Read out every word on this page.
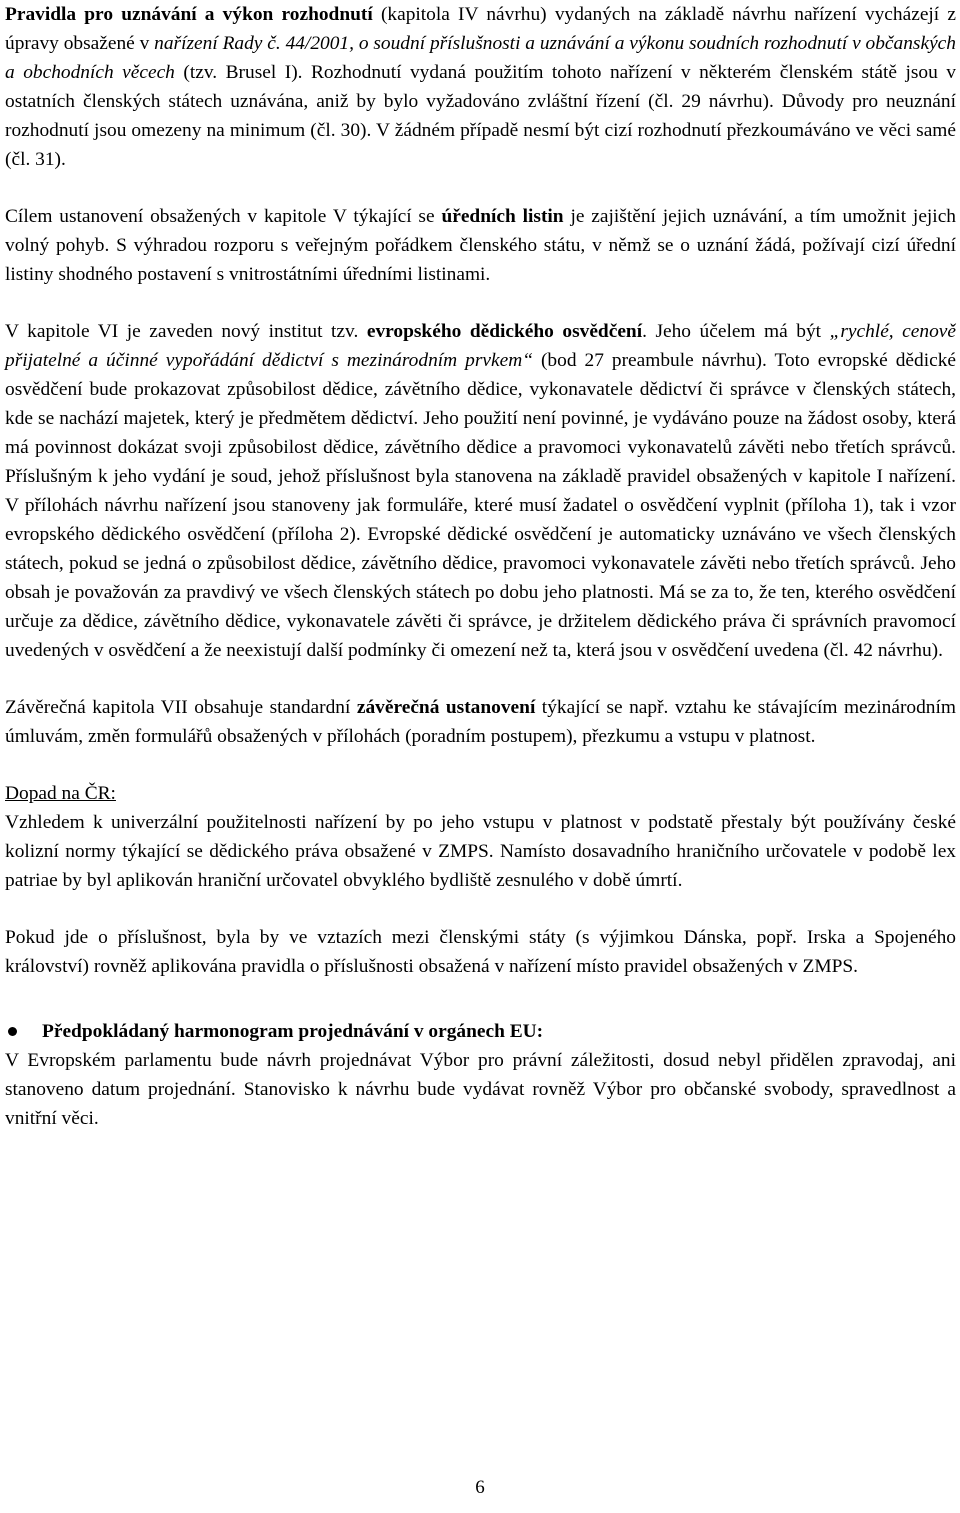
Pravidla pro uznávání a výkon rozhodnutí (kapitola IV návrhu) vydaných na základě návrhu nařízení vycházejí z úpravy obsažené v nařízení Rady č. 44/2001, o soudní příslušnosti a uznávání a výkonu soudních rozhodnutí v občanských a obchodních věcech (tzv. Brusel I). Rozhodnutí vydaná použitím tohoto nařízení v některém členském státě jsou v ostatních členských státech uznávána, aniž by bylo vyžadováno zvláštní řízení (čl. 29 návrhu). Důvody pro neuznání rozhodnutí jsou omezeny na minimum (čl. 30). V žádném případě nesmí být cizí rozhodnutí přezkoumáváno ve věci samé (čl. 31).

Cílem ustanovení obsažených v kapitole V týkající se úředních listin je zajištění jejich uznávání, a tím umožnit jejich volný pohyb. S výhradou rozporu s veřejným pořádkem členského státu, v němž se o uznání žádá, požívají cizí úřední listiny shodného postavení s vnitrostátními úředními listinami.

V kapitole VI je zaveden nový institut tzv. evropského dědického osvědčení. Jeho účelem má být „rychlé, cenově přijatelné a účinné vypořádání dědictví s mezinárodním prvkem“ (bod 27 preambule návrhu). Toto evropské dědické osvědčení bude prokazovat způsobilost dědice, závětního dědice, vykonavatele dědictví či správce v členských státech, kde se nachází majetek, který je předmětem dědictví. Jeho použití není povinné, je vydáváno pouze na žádost osoby, která má povinnost dokázat svoji způsobilost dědice, závětního dědice a pravomoci vykonavatelů závěti nebo třetích správců. Příslušným k jeho vydání je soud, jehož příslušnost byla stanovena na základě pravidel obsažených v kapitole I nařízení. V přílohách návrhu nařízení jsou stanoveny jak formuláře, které musí žadatel o osvědčení vyplnit (příloha 1), tak i vzor evropského dědického osvědčení (příloha 2). Evropské dědické osvědčení je automaticky uznáváno ve všech členských státech, pokud se jedná o způsobilost dědice, závětního dědice, pravomoci vykonavatele závěti nebo třetích správců. Jeho obsah je považován za pravdivý ve všech členských státech po dobu jeho platnosti. Má se za to, že ten, kterého osvědčení určuje za dědice, závětního dědice, vykonavatele závěti či správce, je držitelem dědického práva či správních pravomocí uvedených v osvědčení a že neexistují další podmínky či omezení než ta, která jsou v osvědčení uvedena (čl. 42 návrhu).

Závěrečná kapitola VII obsahuje standardní závěrečná ustanovení týkající se např. vztahu ke stávajícím mezinárodním úmluvám, změn formulářů obsažených v přílohách (poradním postupem), přezkumu a vstupu v platnost.

Dopad na ČR:

Vzhledem k univerzální použitelnosti nařízení by po jeho vstupu v platnost v podstatě přestaly být používány české kolizní normy týkající se dědického práva obsažené v ZMPS. Namísto dosavadního hraničního určovatele v podobě lex patriae by byl aplikován hraniční určovatel obvyklého bydliště zesnulého v době úmrtí.

Pokud jde o příslušnost, byla by ve vztazích mezi členskými státy (s výjimkou Dánska, popř. Irska a Spojeného království) rovněž aplikována pravidla o příslušnosti obsažená v nařízení místo pravidel obsažených v ZMPS.

Předpokládaný harmonogram projednávání v orgánech EU:

V Evropském parlamentu bude návrh projednávat Výbor pro právní záležitosti, dosud nebyl přidělen zpravodaj, ani stanoveno datum projednání. Stanovisko k návrhu bude vydávat rovněž Výbor pro občanské svobody, spravedlnost a vnitřní věci.

6
